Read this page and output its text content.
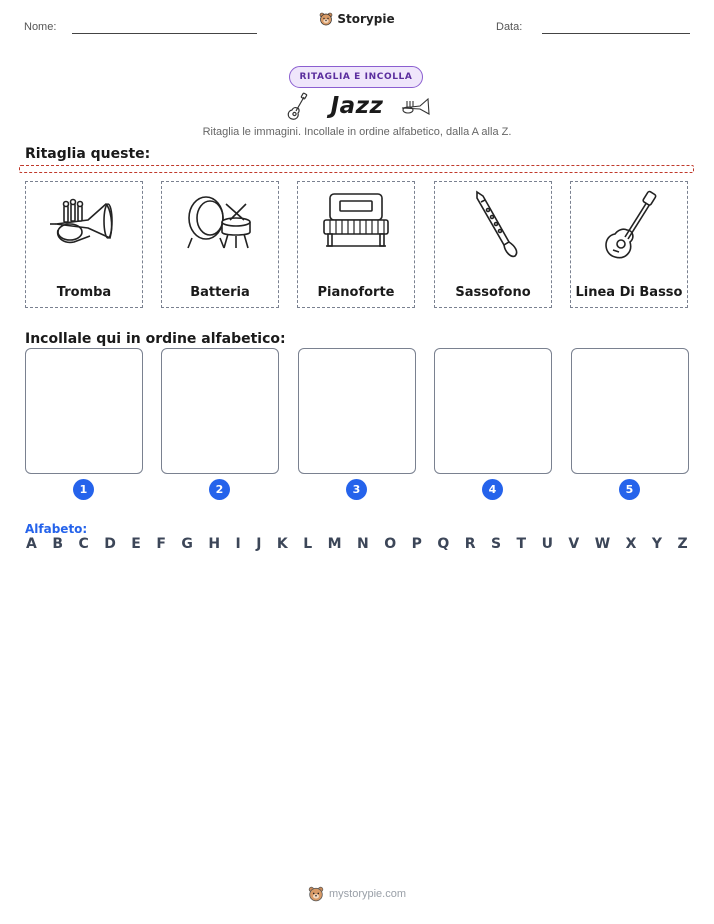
Nome:
Storypie
Data:
RITAGLIA E INCOLLA
Jazz
Ritaglia le immagini. Incollale in ordine alfabetico, dalla A alla Z.
Ritaglia queste:
Tromba	Batteria	Pianoforte	Sassofono	Linea Di Basso
Incollale qui in ordine alfabetico:
1	2	3	4	5
Alfabeto:
A B C D E F G H I J K L M N O P Q R S T U V W X Y Z
mystorypie.com
